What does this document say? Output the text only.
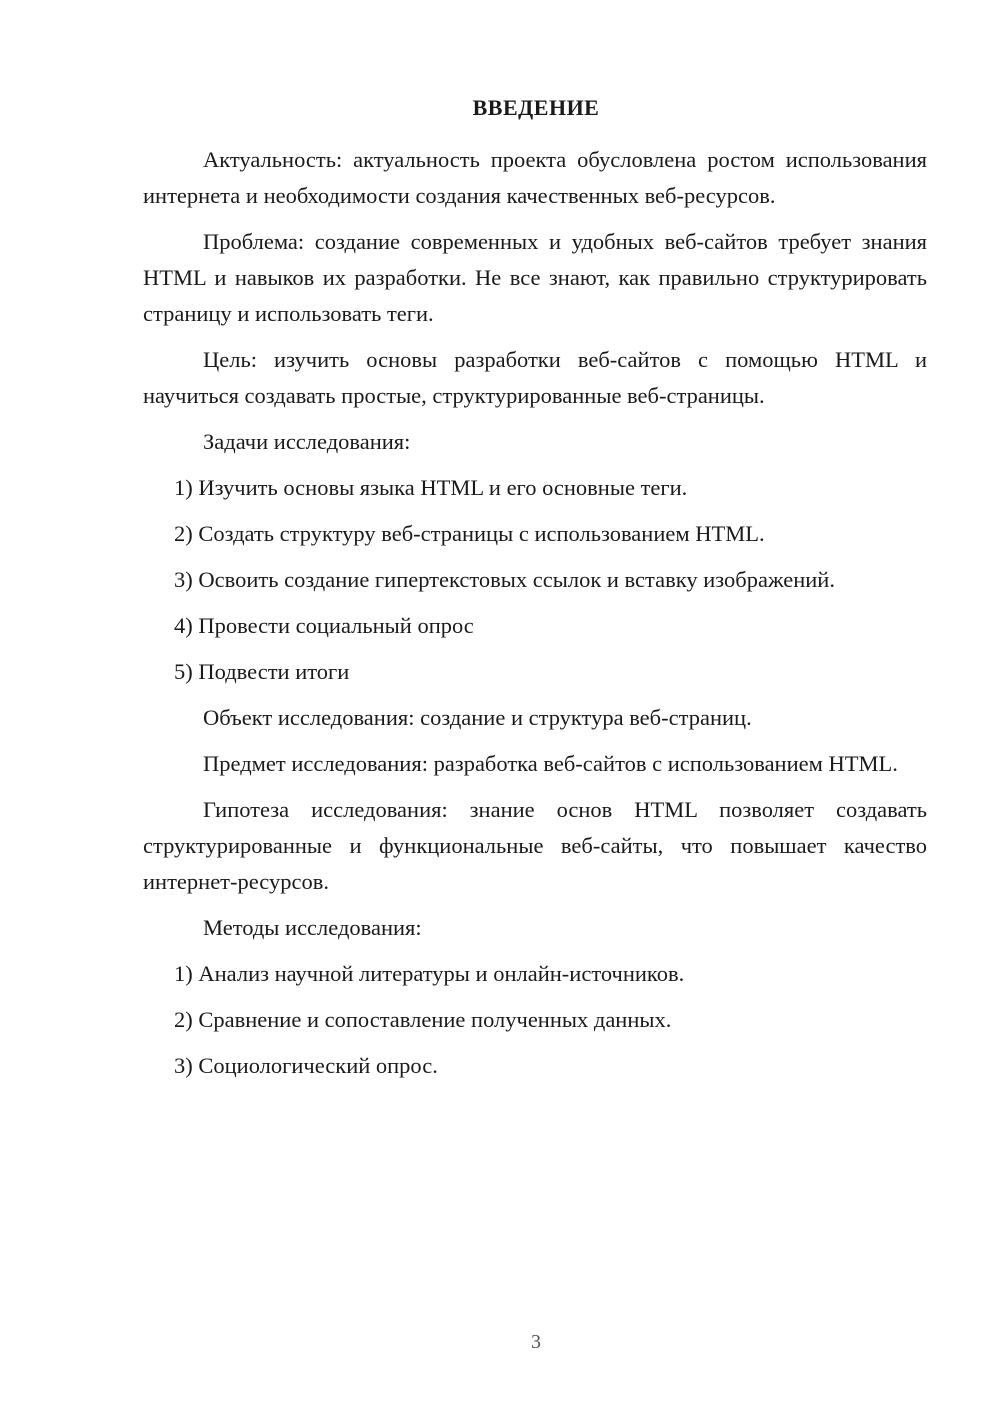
ВВЕДЕНИЕ

Актуальность: актуальность проекта обусловлена ростом использования интернета и необходимости создания качественных веб-ресурсов.

Проблема: создание современных и удобных веб-сайтов требует знания HTML и навыков их разработки. Не все знают, как правильно структурировать страницу и использовать теги.

Цель: изучить основы разработки веб-сайтов с помощью HTML и научиться создавать простые, структурированные веб-страницы.

Задачи исследования:

1) Изучить основы языка HTML и его основные теги.

2) Создать структуру веб-страницы с использованием HTML.

3) Освоить создание гипертекстовых ссылок и вставку изображений.

4) Провести социальный опрос

5) Подвести итоги

Объект исследования: создание и структура веб-страниц.

Предмет исследования: разработка веб-сайтов с использованием HTML.

Гипотеза исследования: знание основ HTML позволяет создавать структурированные и функциональные веб-сайты, что повышает качество интернет-ресурсов.

Методы исследования:

1) Анализ научной литературы и онлайн-источников.

2) Сравнение и сопоставление полученных данных.

3) Социологический опрос.

3
